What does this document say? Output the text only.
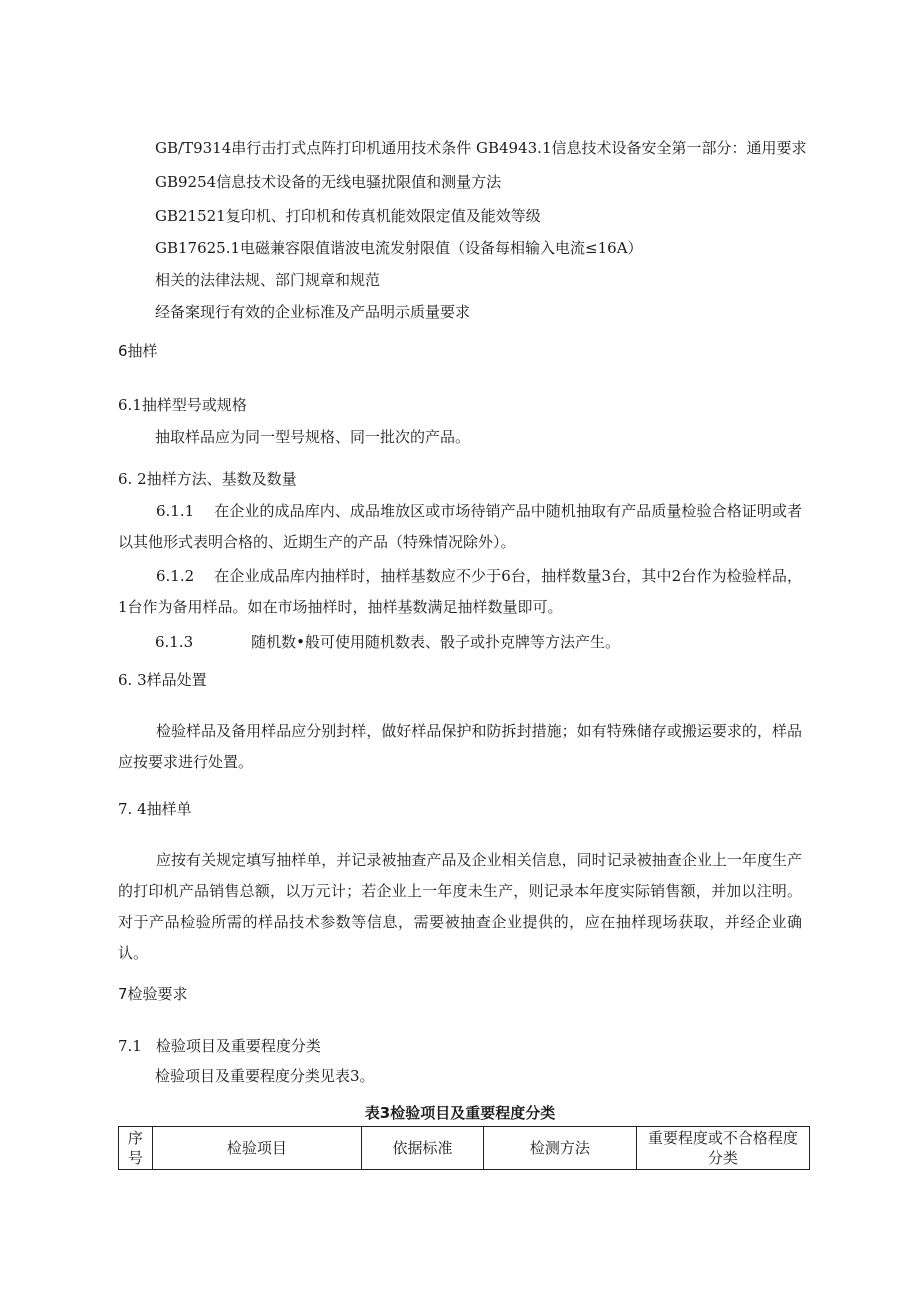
GB/T9314串行击打式点阵打印机通用技术条件 GB4943.1信息技术设备安全第一部分：通用要求
GB9254信息技术设备的无线电骚扰限值和测量方法
GB21521复印机、打印机和传真机能效限定值及能效等级
GB17625.1电磁兼容限值谐波电流发射限值（设备每相输入电流≤16A）
相关的法律法规、部门规章和规范
经备案现行有效的企业标准及产品明示质量要求
6抽样
6.1抽样型号或规格
抽取样品应为同一型号规格、同一批次的产品。
6. 2抽样方法、基数及数量
6.1.1 在企业的成品库内、成品堆放区或市场待销产品中随机抽取有产品质量检验合格证明或者以其他形式表明合格的、近期生产的产品（特殊情况除外）。
6.1.2 在企业成品库内抽样时，抽样基数应不少于6台，抽样数量3台，其中2台作为检验样品，1台作为备用样品。如在市场抽样时，抽样基数满足抽样数量即可。
6.1.3	随机数•般可使用随机数表、骰子或扑克牌等方法产生。
6. 3样品处置
检验样品及备用样品应分别封样，做好样品保护和防拆封措施；如有特殊储存或搬运要求的，样品应按要求进行处置。
7. 4抽样单
应按有关规定填写抽样单，并记录被抽查产品及企业相关信息，同时记录被抽查企业上一年度生产的打印机产品销售总额，以万元计；若企业上一年度未生产，则记录本年度实际销售额，并加以注明。对于产品检验所需的样品技术参数等信息，需要被抽查企业提供的，应在抽样现场获取，并经企业确认。
7检验要求
7.1 检验项目及重要程度分类
检验项目及重要程度分类见表3。
表3检验项目及重要程度分类
序号	检验项目	依据标准	检测方法	重要程度或不合格程度分类
